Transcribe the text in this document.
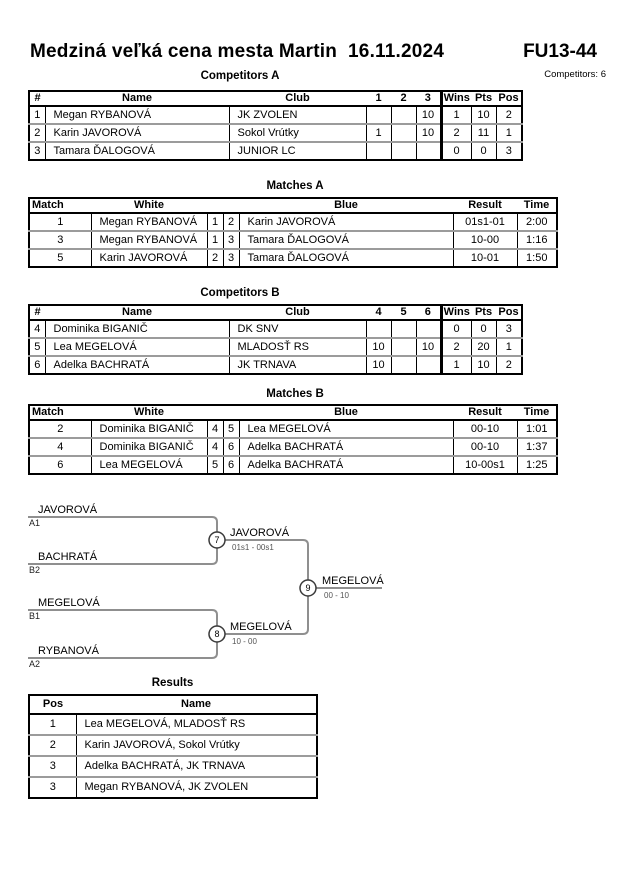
Medziná veľká cena mesta Martin  16.11.2024	FU13-44
Competitors: 6
Competitors A
#	Name	Club	1	2	3	Wins	Pts	Pos
1	Megan RYBANOVÁ	JK ZVOLEN			10	1	10	2
2	Karin JAVOROVÁ	Sokol Vrútky	1		10	2	11	1
3	Tamara ĎALOGOVÁ	JUNIOR LC				0	0	3
Matches A
Match	White			Blue	Result	Time
1	Megan RYBANOVÁ	1	2	Karin JAVOROVÁ	01s1-01	2:00
3	Megan RYBANOVÁ	1	3	Tamara ĎALOGOVÁ	10-00	1:16
5	Karin JAVOROVÁ	2	3	Tamara ĎALOGOVÁ	10-01	1:50
Competitors B
#	Name	Club	4	5	6	Wins	Pts	Pos
4	Dominika BIGANIČ	DK SNV				0	0	3
5	Lea MEGELOVÁ	MLADOSŤ RS	10		10	2	20	1
6	Adelka BACHRATÁ	JK TRNAVA	10			1	10	2
Matches B
Match	White			Blue	Result	Time
2	Dominika BIGANIČ	4	5	Lea MEGELOVÁ	00-10	1:01
4	Dominika BIGANIČ	4	6	Adelka BACHRATÁ	00-10	1:37
6	Lea MEGELOVÁ	5	6	Adelka BACHRATÁ	10-00s1	1:25
7
8
9
JAVOROVÁ
A1
BACHRATÁ
B2
JAVOROVÁ
01s1 - 00s1
MEGELOVÁ
B1
RYBANOVÁ
A2
MEGELOVÁ
10 - 00
MEGELOVÁ
00 - 10
Results
Pos	Name
1	Lea MEGELOVÁ, MLADOSŤ RS
2	Karin JAVOROVÁ, Sokol Vrútky
3	Adelka BACHRATÁ, JK TRNAVA
3	Megan RYBANOVÁ, JK ZVOLEN
